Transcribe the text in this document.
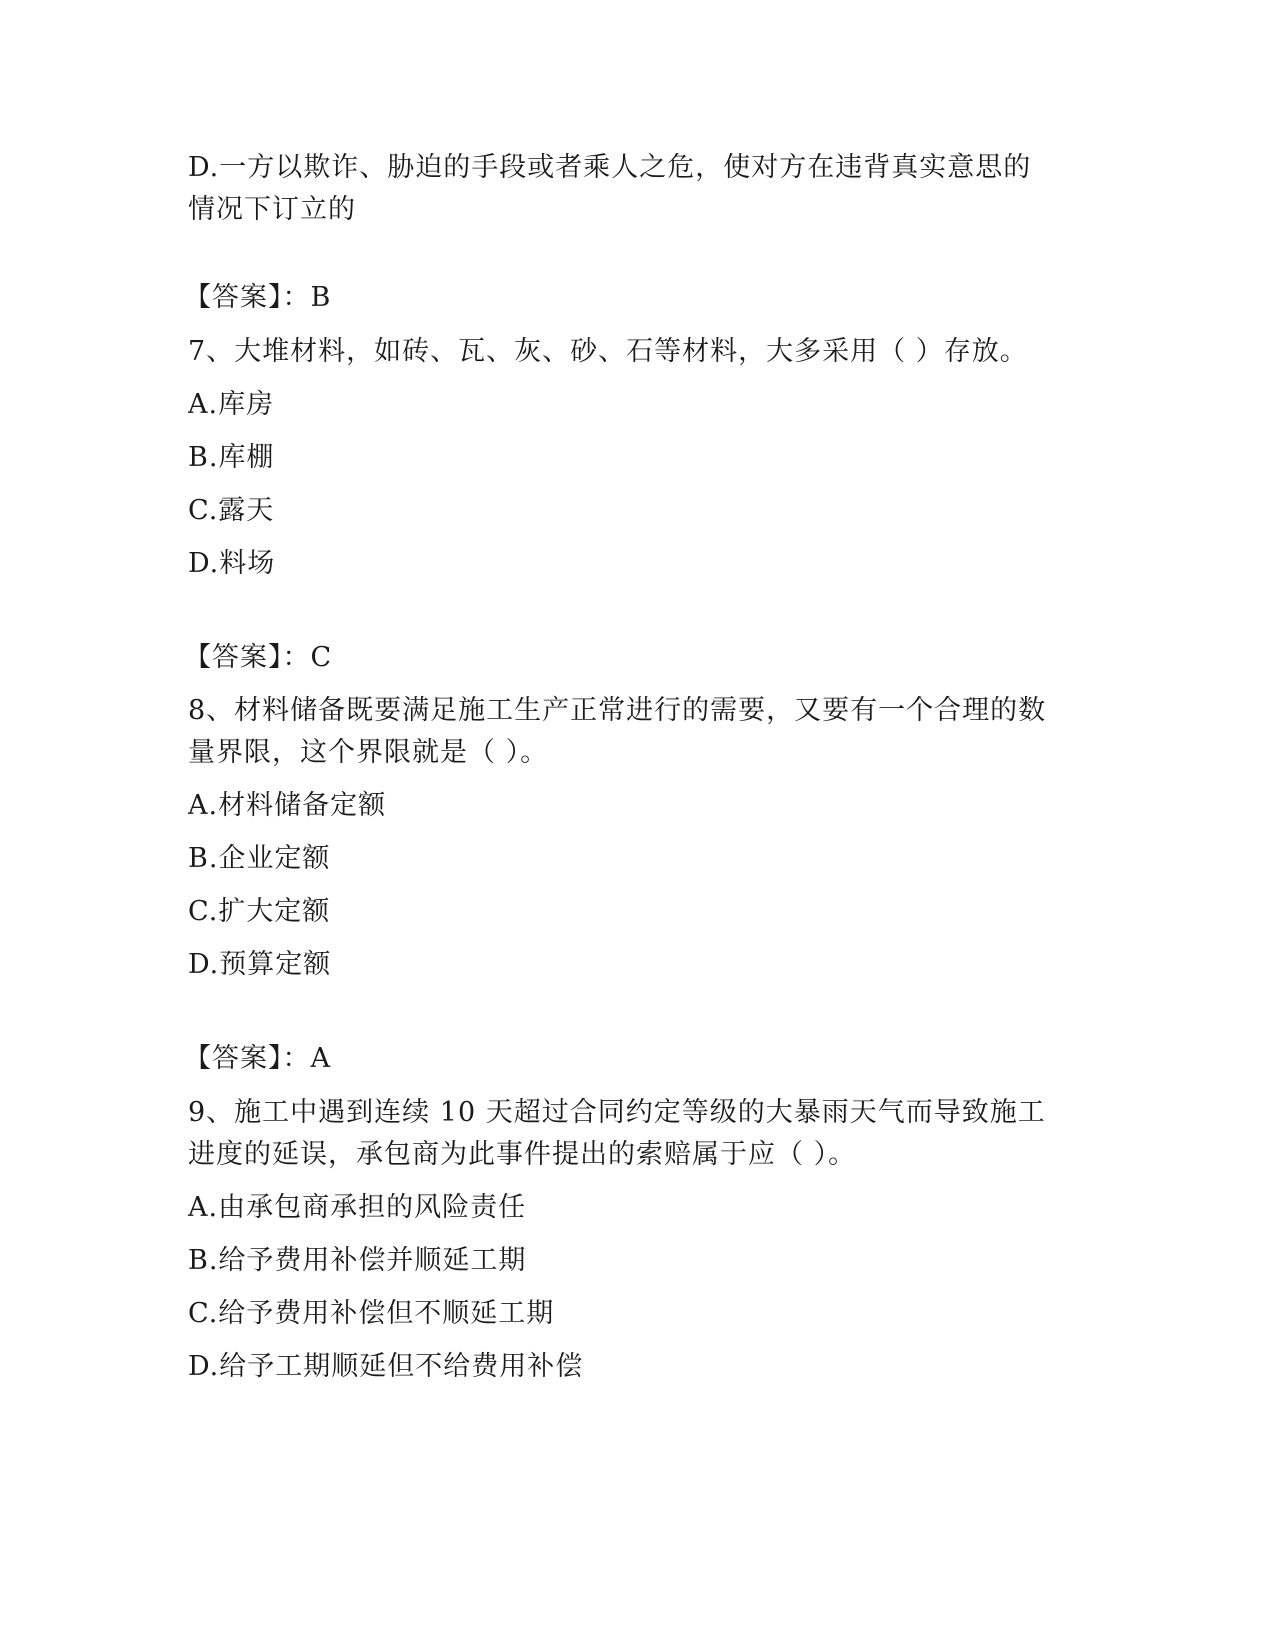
D.一方以欺诈、胁迫的手段或者乘人之危，使对方在违背真实意思的
情况下订立的
【答案】：B
7、大堆材料，如砖、瓦、灰、砂、石等材料，大多采用（ ）存放。
A.库房
B.库棚
C.露天
D.料场
【答案】：C
8、材料储备既要满足施工生产正常进行的需要，又要有一个合理的数
量界限，这个界限就是（ ）。
A.材料储备定额
B.企业定额
C.扩大定额
D.预算定额
【答案】：A
9、施工中遇到连续 10 天超过合同约定等级的大暴雨天气而导致施工
进度的延误，承包商为此事件提出的索赔属于应（ ）。
A.由承包商承担的风险责任
B.给予费用补偿并顺延工期
C.给予费用补偿但不顺延工期
D.给予工期顺延但不给费用补偿
